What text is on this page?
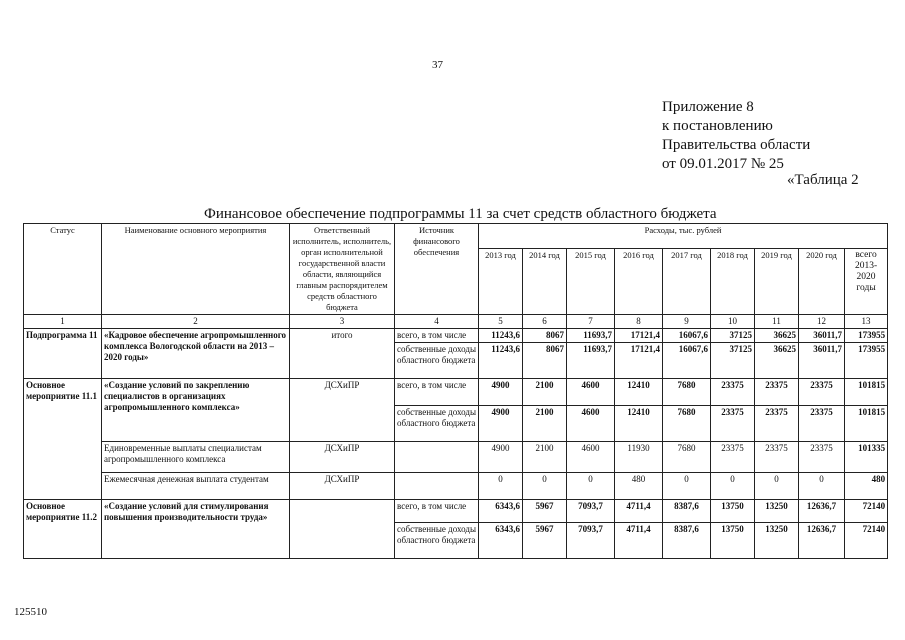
37
Приложение 8
к постановлению
Правительства области
от 09.01.2017 № 25
«Таблица 2
Финансовое обеспечение подпрограммы 11 за счет средств областного бюджета
Статус	Наименование основного мероприятия	Ответственный исполнитель, исполнитель, орган исполнительной государственной власти области, являющийся главным распорядителем средств областного бюджета	Источник финансового обеспечения	Расходы, тыс. рублей								
				2013 год	2014 год	2015 год	2016 год	2017 год	2018 год	2019 год	2020 год	всего 2013-2020 годы
1	2	3	4	5	6	7	8	9	10	11	12	13
Подпрограмма 11	«Кадровое обеспечение агропромышленного комплекса Вологодской области на 2013 – 2020 годы»	итого	всего, в том числе	11243,6	8067	11693,7	17121,4	16067,6	37125	36625	36011,7	173955
			собственные доходы областного бюджета	11243,6	8067	11693,7	17121,4	16067,6	37125	36625	36011,7	173955
Основное мероприятие 11.1	«Создание условий по закреплению специалистов в организациях агропромышленного комплекса»	ДСХиПР	всего, в том числе	4900	2100	4600	12410	7680	23375	23375	23375	101815
			собственные доходы областного бюджета	4900	2100	4600	12410	7680	23375	23375	23375	101815
	Единовременные выплаты специалистам агропромышленного комплекса	ДСХиПР		4900	2100	4600	11930	7680	23375	23375	23375	101335
	Ежемесячная денежная выплата студентам	ДСХиПР		0	0	0	480	0	0	0	0	480
Основное мероприятие 11.2	«Создание условий для стимулирования повышения производительности труда»		всего, в том числе	6343,6	5967	7093,7	4711,4	8387,6	13750	13250	12636,7	72140
			собственные доходы областного бюджета	6343,6	5967	7093,7	4711,4	8387,6	13750	13250	12636,7	72140
125510
